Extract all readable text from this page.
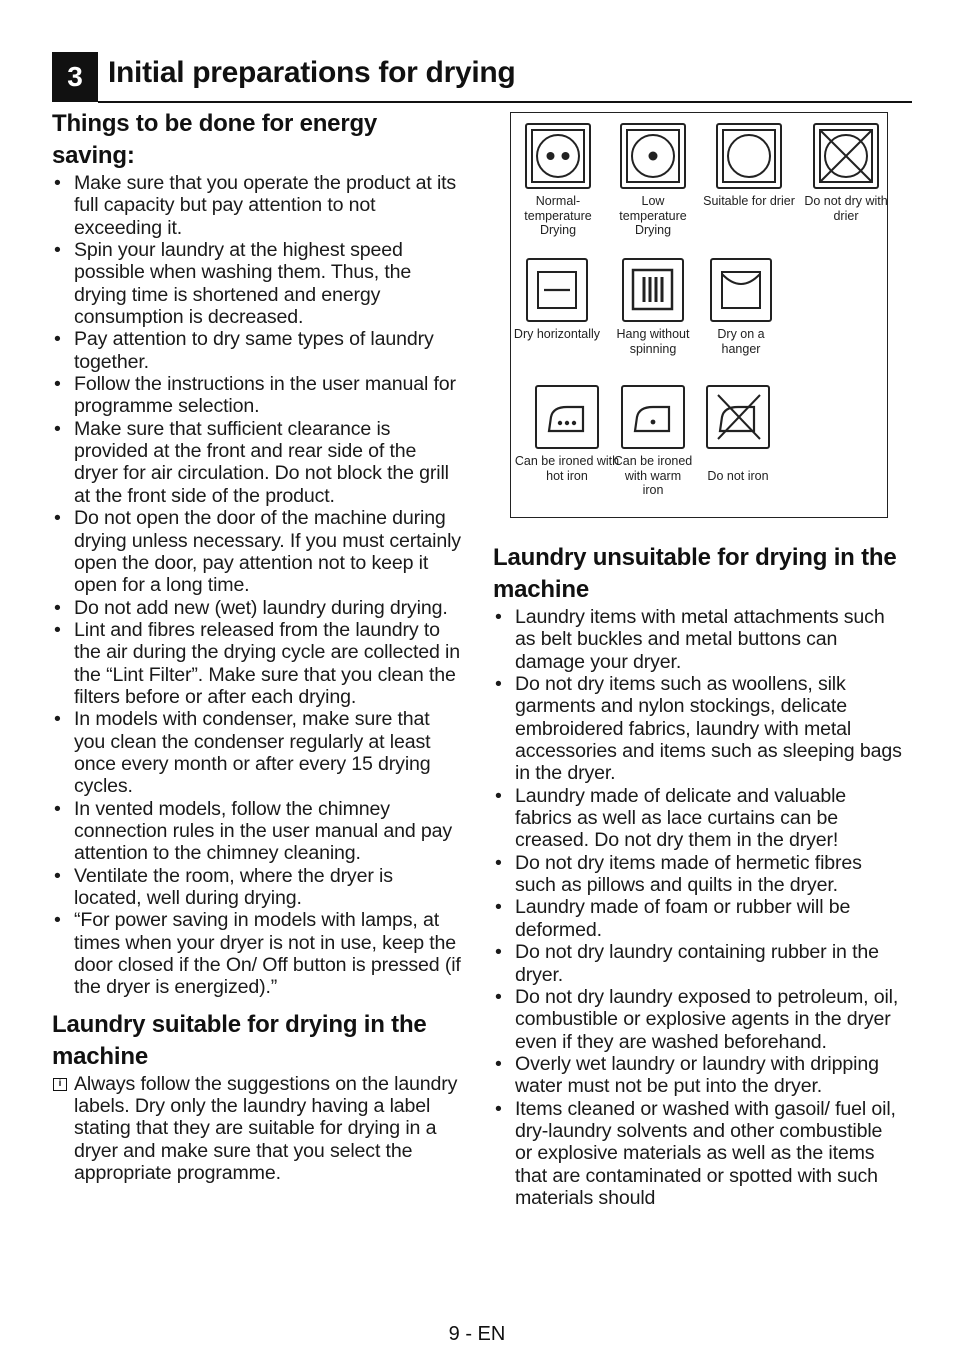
3 Initial preparations for drying
Things to be done for energy saving:
• Make sure that you operate the product at its full capacity but pay attention to not exceeding it.
• Spin your laundry at the highest speed possible when washing them. Thus, the drying time is shortened and energy consumption is decreased.
• Pay attention to dry same types of laundry together.
• Follow the instructions in the user manual for programme selection.
• Make sure that sufficient clearance is provided at the front and rear side of the dryer for air circulation. Do not block the grill at the front side of the product.
• Do not open the door of the machine during drying unless necessary. If you must certainly open the door, pay attention not to keep it open for a long time.
• Do not add new (wet) laundry during drying.
• Lint and fibres released from the laundry to the air during the drying cycle are collected in the “Lint Filter”. Make sure that you clean the filters before or after each drying.
• In models with condenser, make sure that you clean the condenser regularly at least once every month or after every 15 drying cycles.
• In vented models, follow the chimney connection rules in the user manual and pay attention to the chimney cleaning.
• Ventilate the room, where the dryer is located, well during drying.
• “For power saving in models with lamps, at times when your dryer is not in use, keep the door closed if the On/ Off button is pressed (if the dryer is energized).”
Laundry suitable for drying in the machine

i Always follow the suggestions on the laundry labels. Dry only the laundry having a label stating that they are suitable for drying in a dryer and make sure that you select the appropriate programme.

Normal-temperature Drying
Low temperature Drying
Suitable for drier Do not dry with drier
Dry horizontally	Hang without spinning
Dry on a hanger
Can be ironed with hot iron
Can be ironed with warm iron
Do not iron
Laundry unsuitable for drying in the machine
• Laundry items with metal attachments such as belt buckles and metal buttons can damage your dryer.
• Do not dry items such as woollens, silk garments and nylon stockings, delicate embroidered fabrics, laundry with metal accessories and items such as sleeping bags in the dryer.
• Laundry made of delicate and valuable fabrics as well as lace curtains can be creased. Do not dry them in the dryer!
• Do not dry items made of hermetic fibres such as pillows and quilts in the dryer.
• Laundry made of foam or rubber will be deformed.
• Do not dry laundry containing rubber in the dryer.
• Do not dry laundry exposed to petroleum, oil, combustible or explosive agents in the dryer even if they are washed beforehand.
• Overly wet laundry or laundry with dripping water must not be put into the dryer.
• Items cleaned or washed with gasoil/ fuel oil, dry-laundry solvents and other combustible or explosive materials as well as the items that are contaminated or spotted with such materials should
9 - EN
